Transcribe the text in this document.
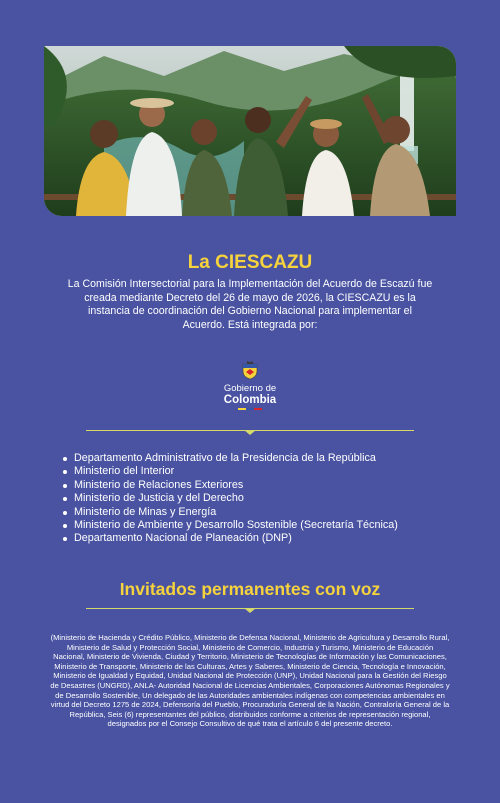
La CIESCAZU

La Comisión Intersectorial para la Implementación del Acuerdo de Escazú fue creada mediante Decreto del 26 de mayo de 2026, la CIESCAZU es la instancia de coordinación del Gobierno Nacional para implementar el Acuerdo. Está integrada por:

Gobierno de
Colombia
Departamento Administrativo de la Presidencia de la República
Ministerio del Interior
Ministerio de Relaciones Exteriores
Ministerio de Justicia y del Derecho
Ministerio de Minas y Energía
Ministerio de Ambiente y Desarrollo Sostenible (Secretaría Técnica)
Departamento Nacional de Planeación (DNP)
Invitados permanentes con voz

(Ministerio de Hacienda y Crédito Público, Ministerio de Defensa Nacional, Ministerio de Agricultura y Desarrollo Rural, Ministerio de Salud y Protección Social, Ministerio de Comercio, Industria y Turismo, Ministerio de Educación Nacional, Ministerio de Vivienda, Ciudad y Territorio, Ministerio de Tecnologías de Información y las Comunicaciones, Ministerio de Transporte, Ministerio de las Culturas, Artes y Saberes, Ministerio de Ciencia, Tecnología e Innovación, Ministerio de Igualdad y Equidad, Unidad Nacional de Protección (UNP), Unidad Nacional para la Gestión del Riesgo de Desastres (UNGRD), ANLA- Autoridad Nacional de Licencias Ambientales, Corporaciones Autónomas Regionales y de Desarrollo Sostenible, Un delegado de las Autoridades ambientales indígenas con competencias ambientales en virtud del Decreto 1275 de 2024, Defensoría del Pueblo, Procuraduría General de la Nación, Contraloría General de la República, Seis (6) representantes del público, distribuidos conforme a criterios de representación regional, designados por el Consejo Consultivo de qué trata el artículo 6 del presente decreto.
